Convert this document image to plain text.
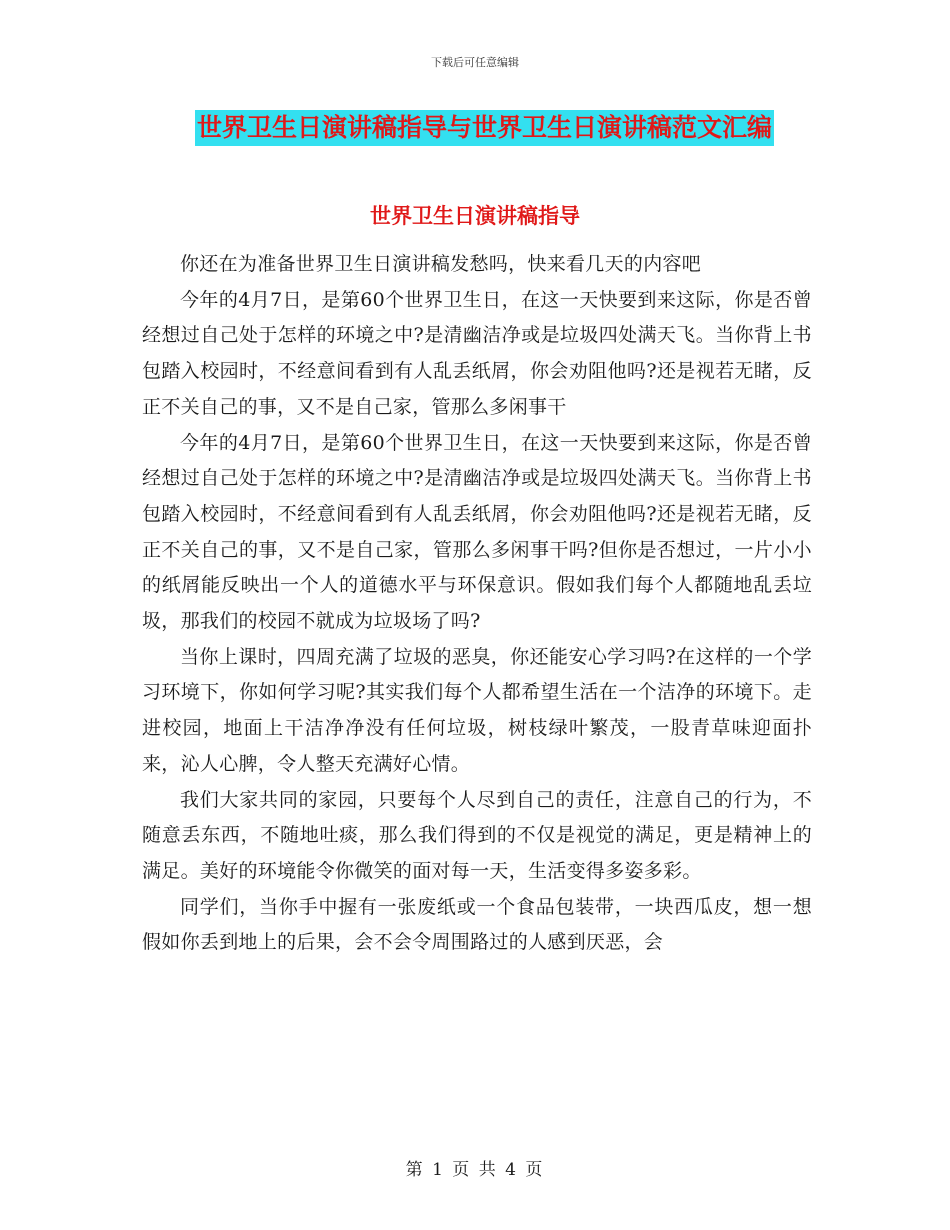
下载后可任意编辑
世界卫生日演讲稿指导与世界卫生日演讲稿范文汇编
世界卫生日演讲稿指导

你还在为准备世界卫生日演讲稿发愁吗，快来看几天的内容吧

今年的4月7日，是第60个世界卫生日，在这一天快要到来这际，你是否曾经想过自己处于怎样的环境之中?是清幽洁净或是垃圾四处满天飞。当你背上书包踏入校园时，不经意间看到有人乱丢纸屑，你会劝阻他吗?还是视若无睹，反正不关自己的事，又不是自己家，管那么多闲事干

今年的4月7日，是第60个世界卫生日，在这一天快要到来这际，你是否曾经想过自己处于怎样的环境之中?是清幽洁净或是垃圾四处满天飞。当你背上书包踏入校园时，不经意间看到有人乱丢纸屑，你会劝阻他吗?还是视若无睹，反正不关自己的事，又不是自己家，管那么多闲事干吗?但你是否想过，一片小小的纸屑能反映出一个人的道德水平与环保意识。假如我们每个人都随地乱丢垃圾，那我们的校园不就成为垃圾场了吗?

当你上课时，四周充满了垃圾的恶臭，你还能安心学习吗?在这样的一个学习环境下，你如何学习呢?其实我们每个人都希望生活在一个洁净的环境下。走进校园，地面上干洁净净没有任何垃圾，树枝绿叶繁茂，一股青草味迎面扑来，沁人心脾，令人整天充满好心情。

我们大家共同的家园，只要每个人尽到自己的责任，注意自己的行为，不随意丢东西，不随地吐痰，那么我们得到的不仅是视觉的满足，更是精神上的满足。美好的环境能令你微笑的面对每一天，生活变得多姿多彩。

同学们，当你手中握有一张废纸或一个食品包装带，一块西瓜皮，想一想假如你丢到地上的后果，会不会令周围路过的人感到厌恶，会

第 1 页 共 4 页
